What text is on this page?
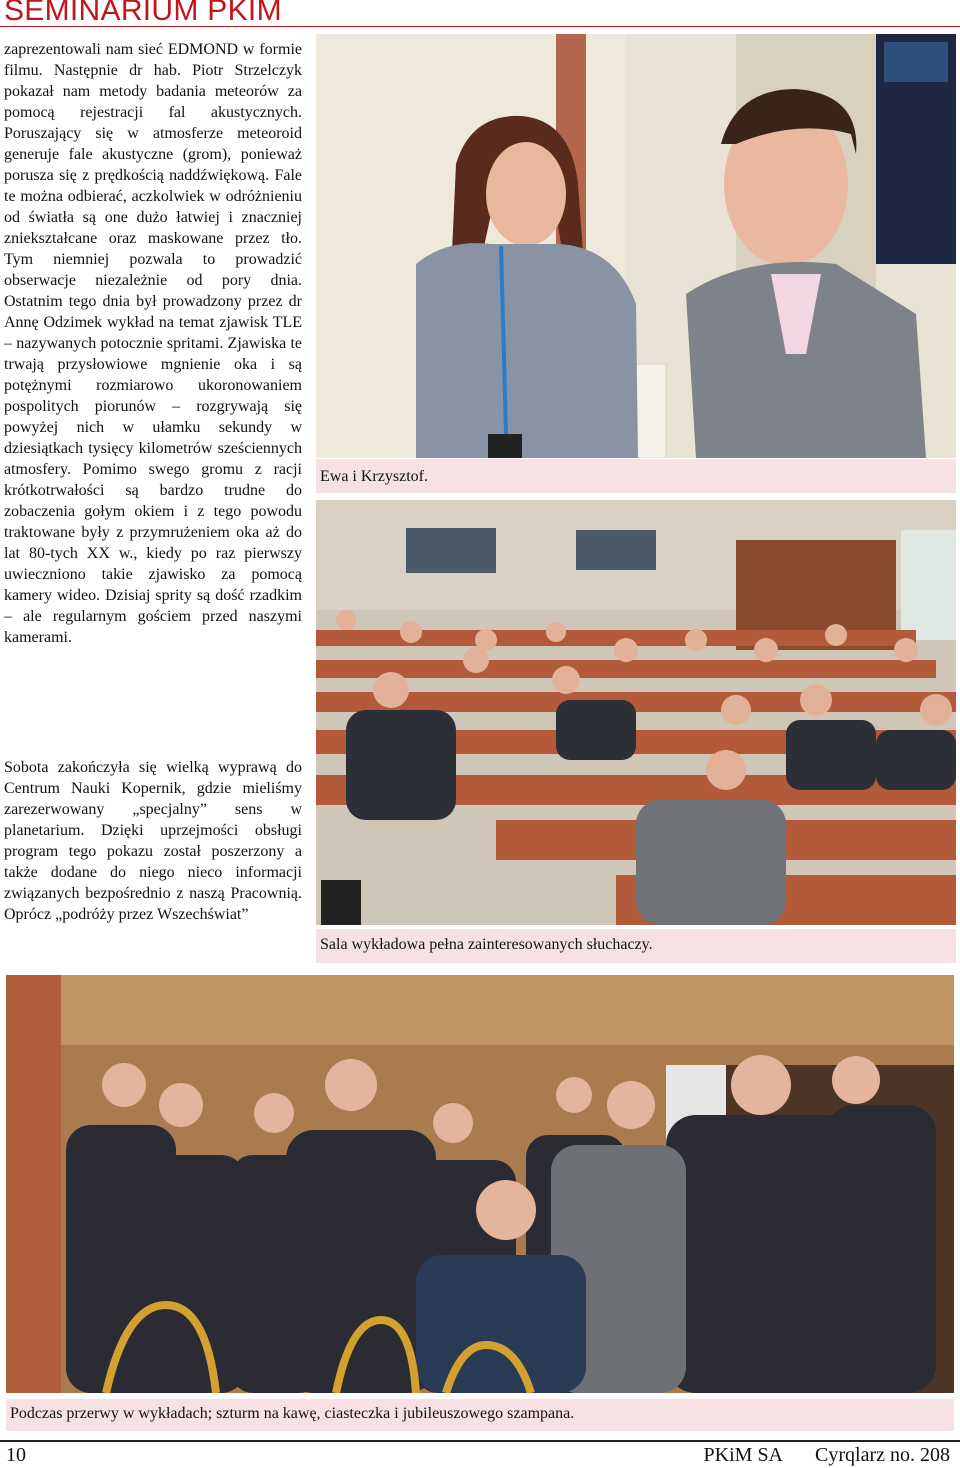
SEMINARIUM PKIM
zaprezentowali nam sieć EDMOND w formie filmu. Następnie dr hab. Piotr Strzelczyk pokazał nam metody badania meteorów za pomocą rejestracji fal akustycznych. Poruszający się w atmosferze meteoroid generuje fale akustyczne (grom), ponieważ porusza się z prędkością naddźwiękową. Fale te można odbierać, aczkolwiek w odróżnieniu od światła są one dużo łatwiej i znaczniej zniekształcane oraz maskowane przez tło. Tym niemniej pozwala to prowadzić obserwacje niezależnie od pory dnia. Ostatnim tego dnia był prowadzony przez dr Annę Odzimek wykład na temat zjawisk TLE – nazywanych potocznie spritami. Zjawiska te trwają przysłowiowe mgnienie oka i są potężnymi rozmiarowo ukoronowaniem pospolitych piorunów – rozgrywają się powyżej nich w ułamku sekundy w dziesiątkach tysięcy kilometrów sześciennych atmosfery. Pomimo swego gromu z racji krótkotrwałości są bardzo trudne do zobaczenia gołym okiem i z tego powodu traktowane były z przymrużeniem oka aż do lat 80-tych XX w., kiedy po raz pierwszy uwieczniono takie zjawisko za pomocą kamery wideo. Dzisiaj sprity są dość rzadkim – ale regularnym gościem przed naszymi kamerami.
Sobota zakończyła się wielką wyprawą do Centrum Nauki Kopernik, gdzie mieliśmy zarezerwowany „specjalny” sens w planetarium. Dzięki uprzejmości obsługi program tego pokazu został poszerzony a także dodane do niego nieco informacji związanych bezpośrednio z naszą Pracownią. Oprócz „podróży przez Wszechświat”
Ewa i Krzysztof.
Sala wykładowa pełna zainteresowanych słuchaczy.
Podczas przerwy w wykładach; szturm na kawę, ciasteczka i jubileuszowego szampana.
10	PKiM SA Cyrqlarz no. 208
